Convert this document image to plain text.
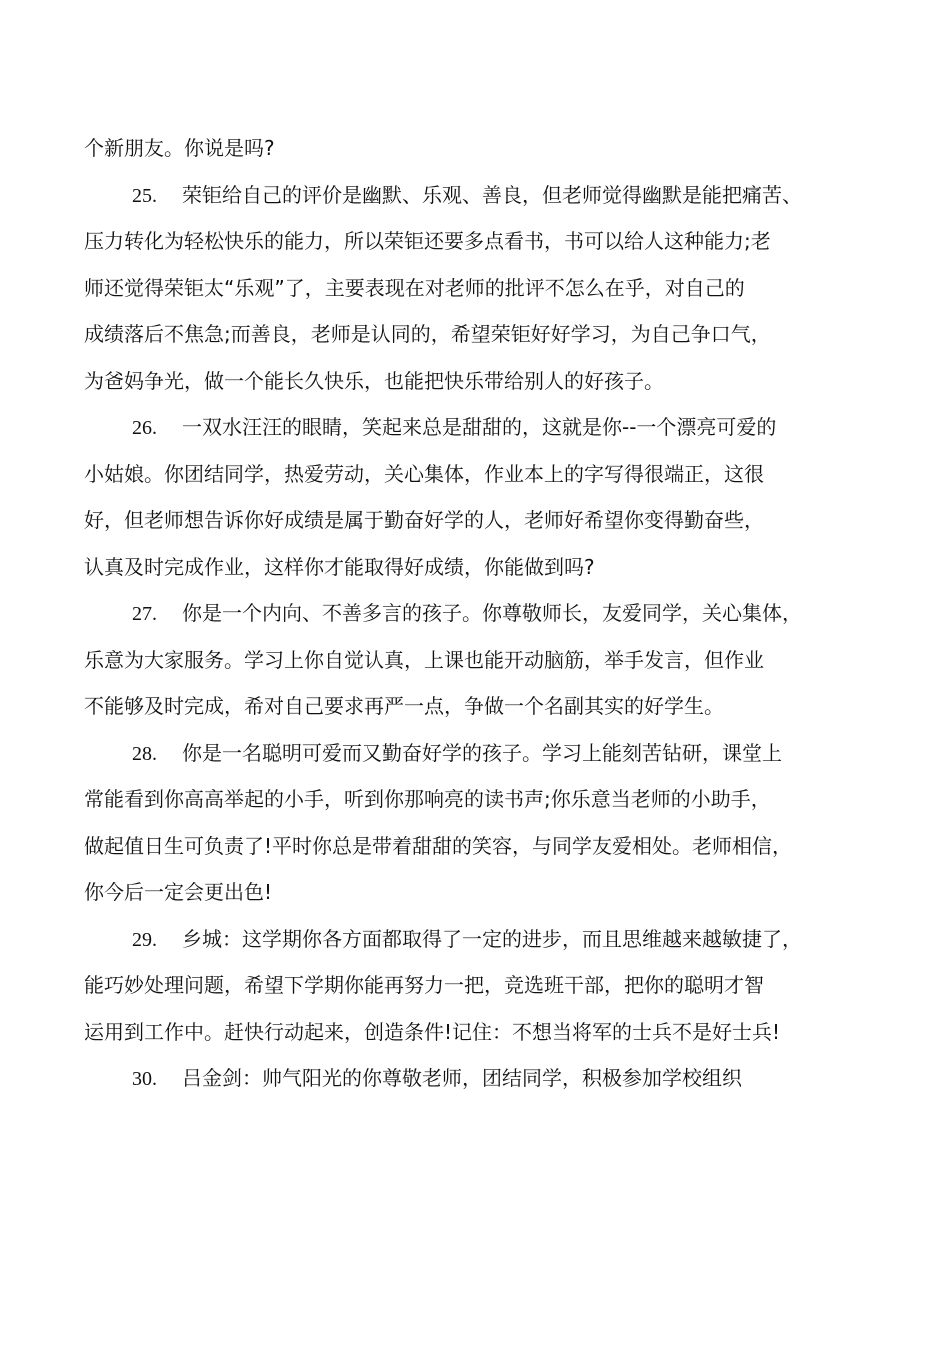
个新朋友。你说是吗?
25. 荣钜给自己的评价是幽默、乐观、善良，但老师觉得幽默是能把痛苦、
压力转化为轻松快乐的能力，所以荣钜还要多点看书，书可以给人这种能力;老
师还觉得荣钜太“乐观”了，主要表现在对老师的批评不怎么在乎，对自己的
成绩落后不焦急;而善良，老师是认同的，希望荣钜好好学习，为自己争口气，
为爸妈争光，做一个能长久快乐，也能把快乐带给别人的好孩子。
26. 一双水汪汪的眼睛，笑起来总是甜甜的，这就是你--一个漂亮可爱的
小姑娘。你团结同学，热爱劳动，关心集体，作业本上的字写得很端正，这很
好，但老师想告诉你好成绩是属于勤奋好学的人，老师好希望你变得勤奋些，
认真及时完成作业，这样你才能取得好成绩，你能做到吗?
27. 你是一个内向、不善多言的孩子。你尊敬师长，友爱同学，关心集体，
乐意为大家服务。学习上你自觉认真，上课也能开动脑筋，举手发言，但作业
不能够及时完成，希对自己要求再严一点，争做一个名副其实的好学生。
28. 你是一名聪明可爱而又勤奋好学的孩子。学习上能刻苦钻研，课堂上
常能看到你高高举起的小手，听到你那响亮的读书声;你乐意当老师的小助手，
做起值日生可负责了!平时你总是带着甜甜的笑容，与同学友爱相处。老师相信，
你今后一定会更出色!
29. 乡城：这学期你各方面都取得了一定的进步，而且思维越来越敏捷了，
能巧妙处理问题，希望下学期你能再努力一把，竞选班干部，把你的聪明才智
运用到工作中。赶快行动起来，创造条件!记住：不想当将军的士兵不是好士兵!
30. 吕金剑：帅气阳光的你尊敬老师，团结同学，积极参加学校组织
